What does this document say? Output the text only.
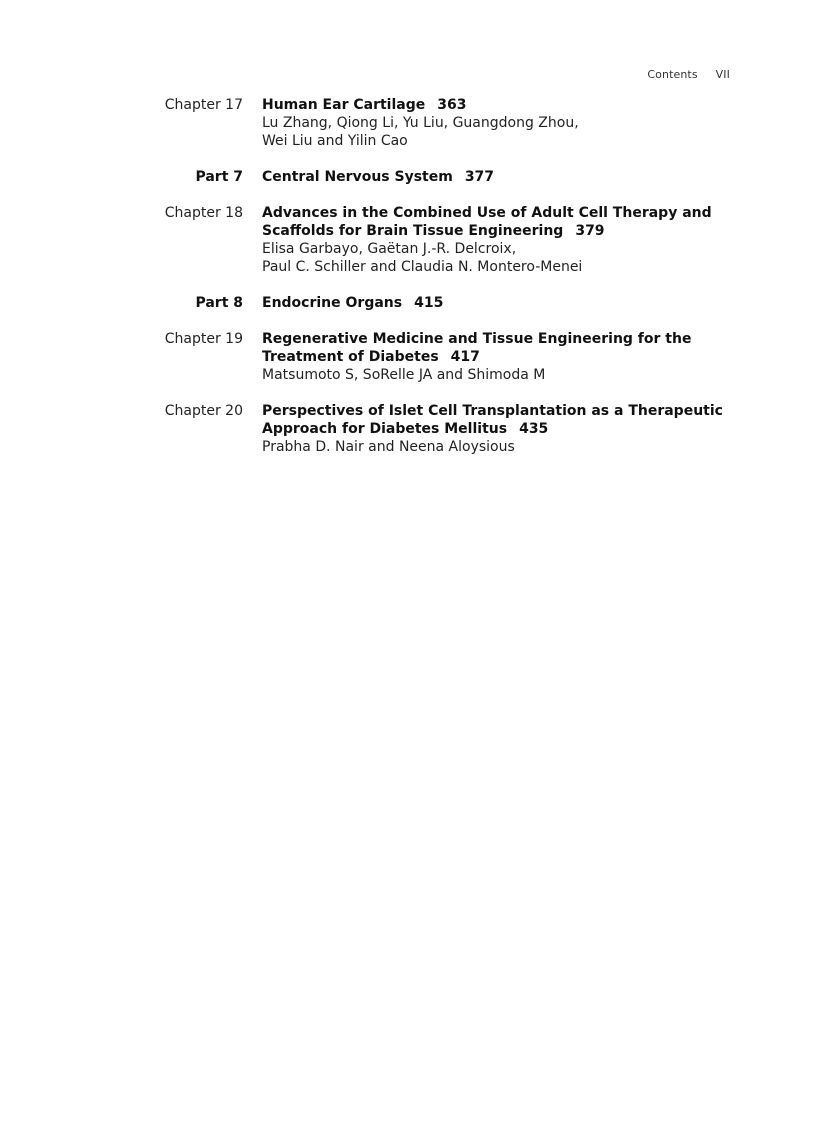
Contents VII
Chapter 17 Human Ear Cartilage 363
Lu Zhang, Qiong Li, Yu Liu, Guangdong Zhou,
Wei Liu and Yilin Cao
Part 7 Central Nervous System 377
Chapter 18 Advances in the Combined Use of Adult Cell Therapy and
Scaffolds for Brain Tissue Engineering 379
Elisa Garbayo, Gaëtan J.-R. Delcroix,
Paul C. Schiller and Claudia N. Montero-Menei
Part 8 Endocrine Organs 415
Chapter 19 Regenerative Medicine and Tissue Engineering for the
Treatment of Diabetes 417
Matsumoto S, SoRelle JA and Shimoda M
Chapter 20 Perspectives of Islet Cell Transplantation as a Therapeutic
Approach for Diabetes Mellitus 435
Prabha D. Nair and Neena Aloysious
